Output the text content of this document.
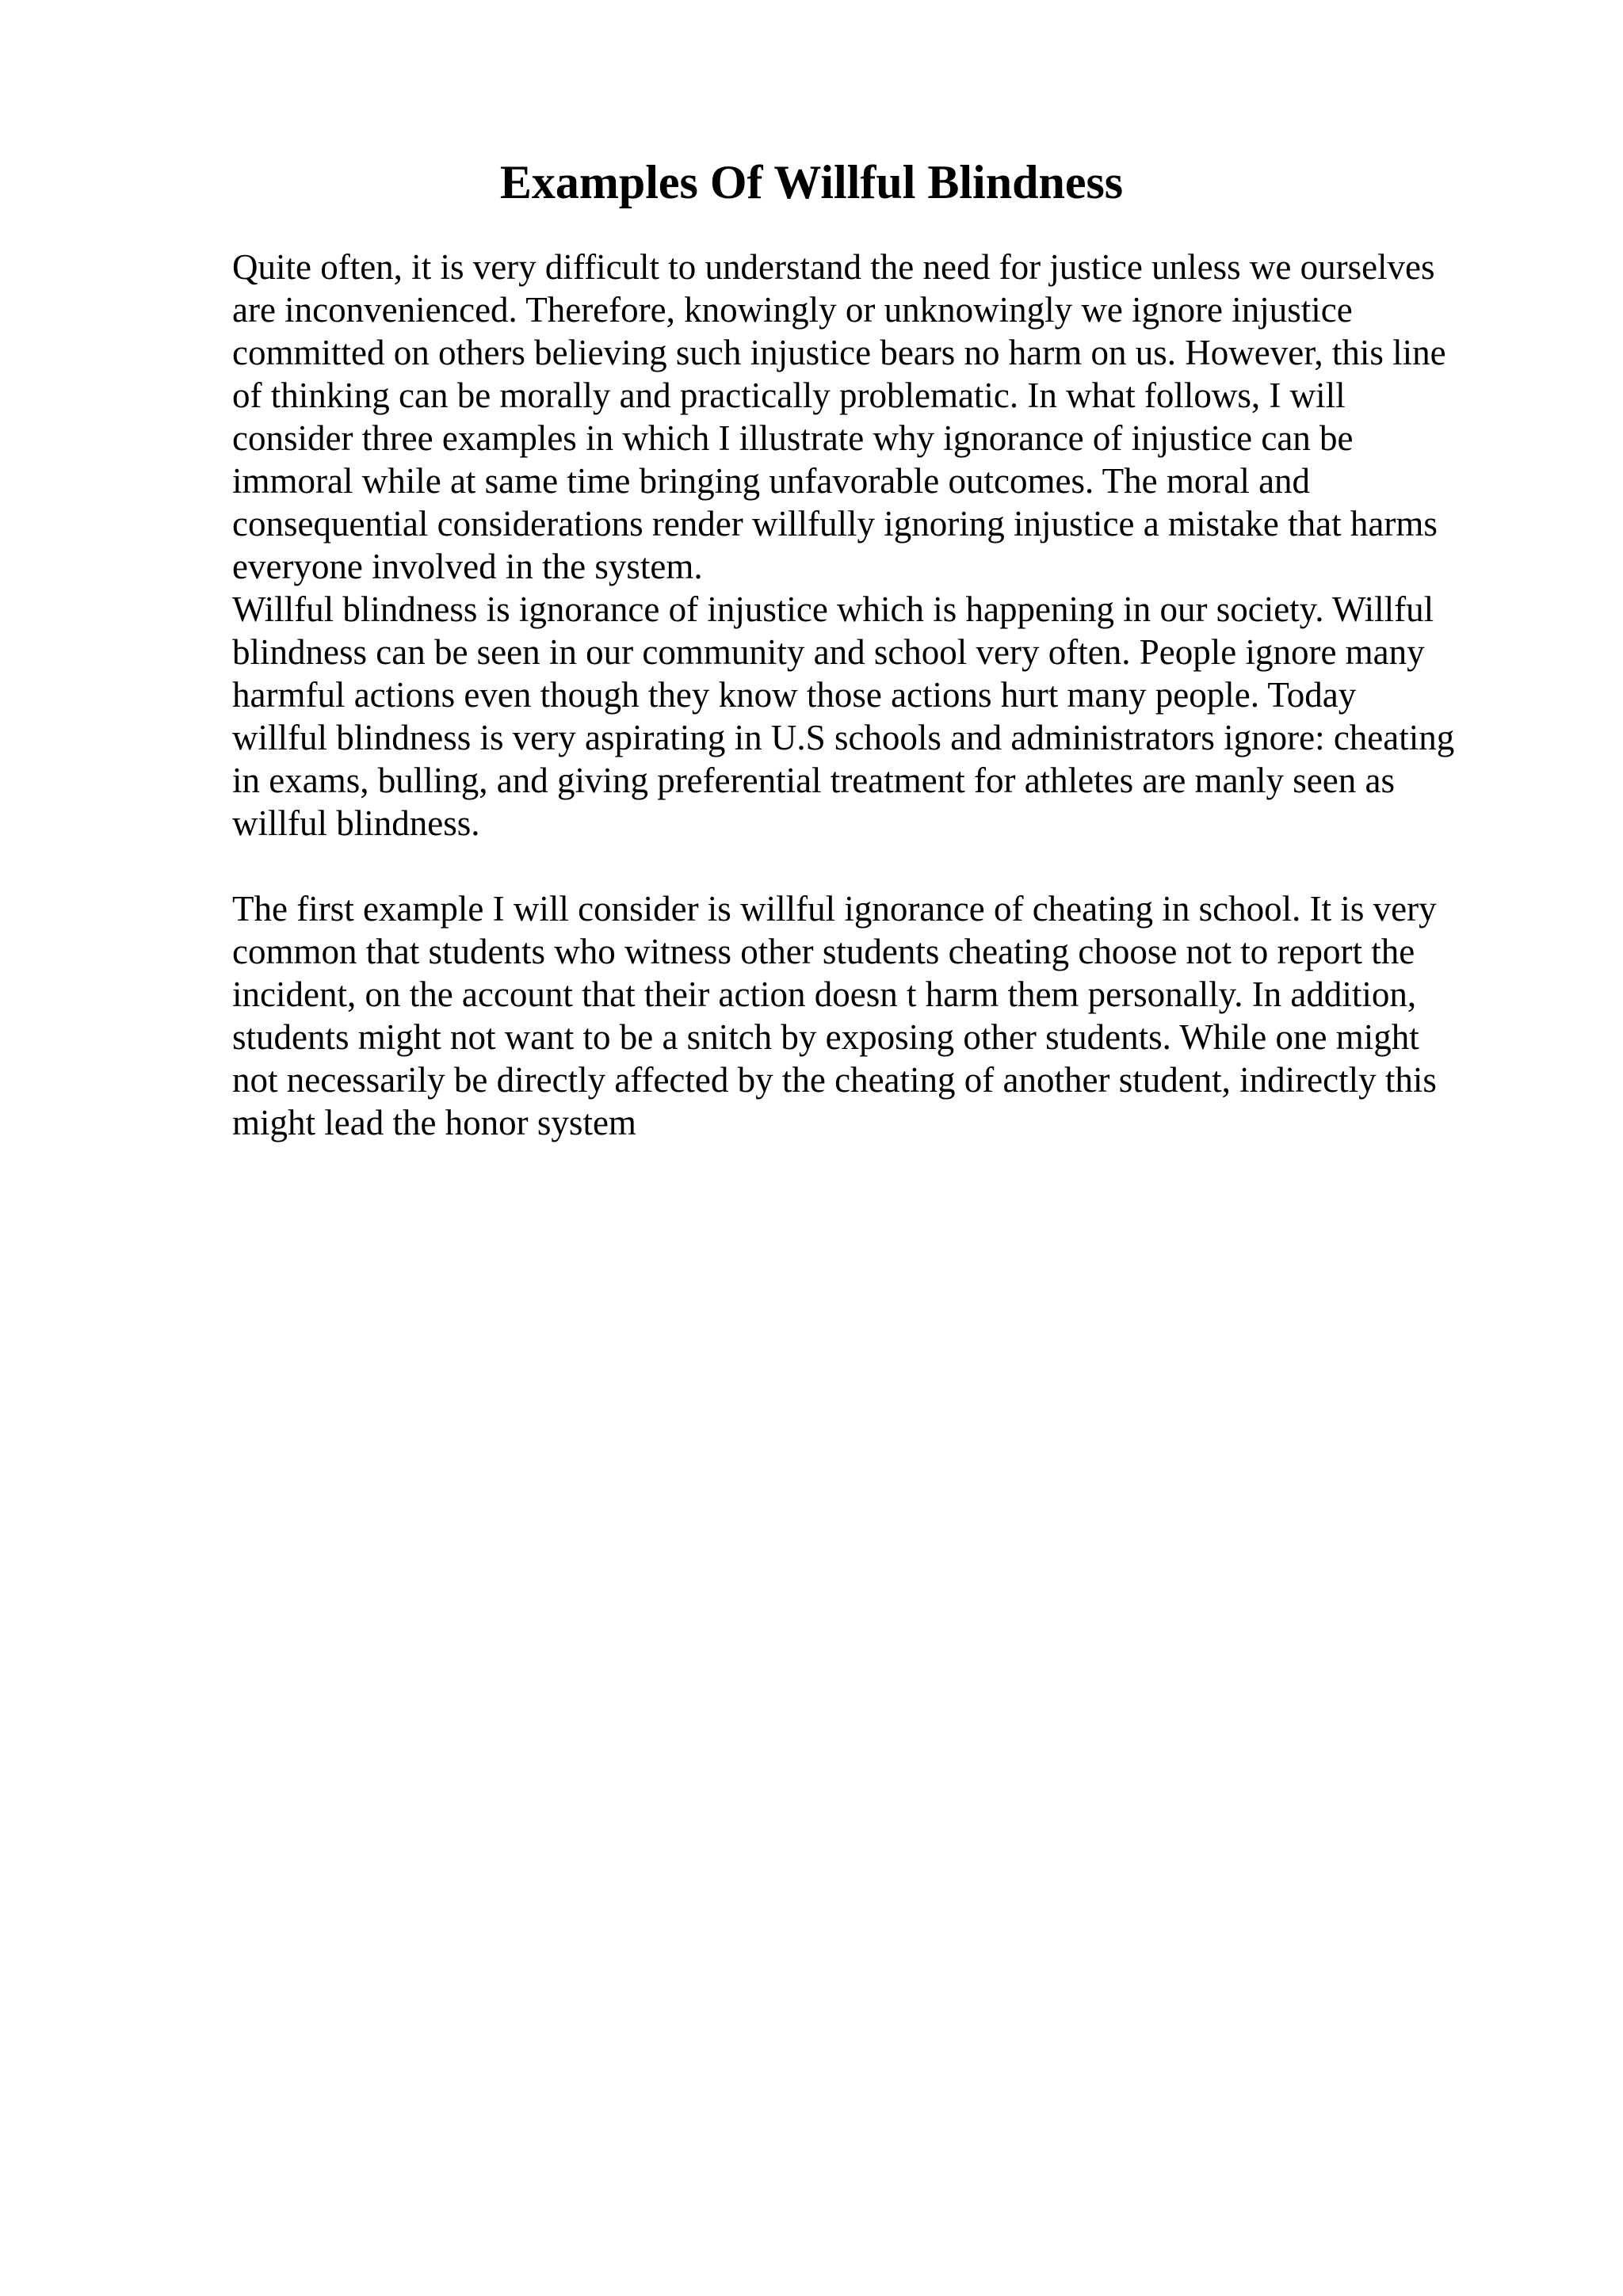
Examples Of Willful Blindness

Quite often, it is very difficult to understand the need for justice unless we ourselves

are inconvenienced. Therefore, knowingly or unknowingly we ignore injustice

committed on others believing such injustice bears no harm on us. However, this line

of thinking can be morally and practically problematic. In what follows, I will

consider three examples in which I illustrate why ignorance of injustice can be

immoral while at same time bringing unfavorable outcomes. The moral and

consequential considerations render willfully ignoring injustice a mistake that harms

everyone involved in the system.

Willful blindness is ignorance of injustice which is happening in our society. Willful

blindness can be seen in our community and school very often. People ignore many

harmful actions even though they know those actions hurt many people. Today

willful blindness is very aspirating in U.S schools and administrators ignore: cheating

in exams, bulling, and giving preferential treatment for athletes are manly seen as

willful blindness.

The first example I will consider is willful ignorance of cheating in school. It is very

common that students who witness other students cheating choose not to report the

incident, on the account that their action doesn t harm them personally. In addition,

students might not want to be a snitch by exposing other students. While one might

not necessarily be directly affected by the cheating of another student, indirectly this

might lead the honor system
